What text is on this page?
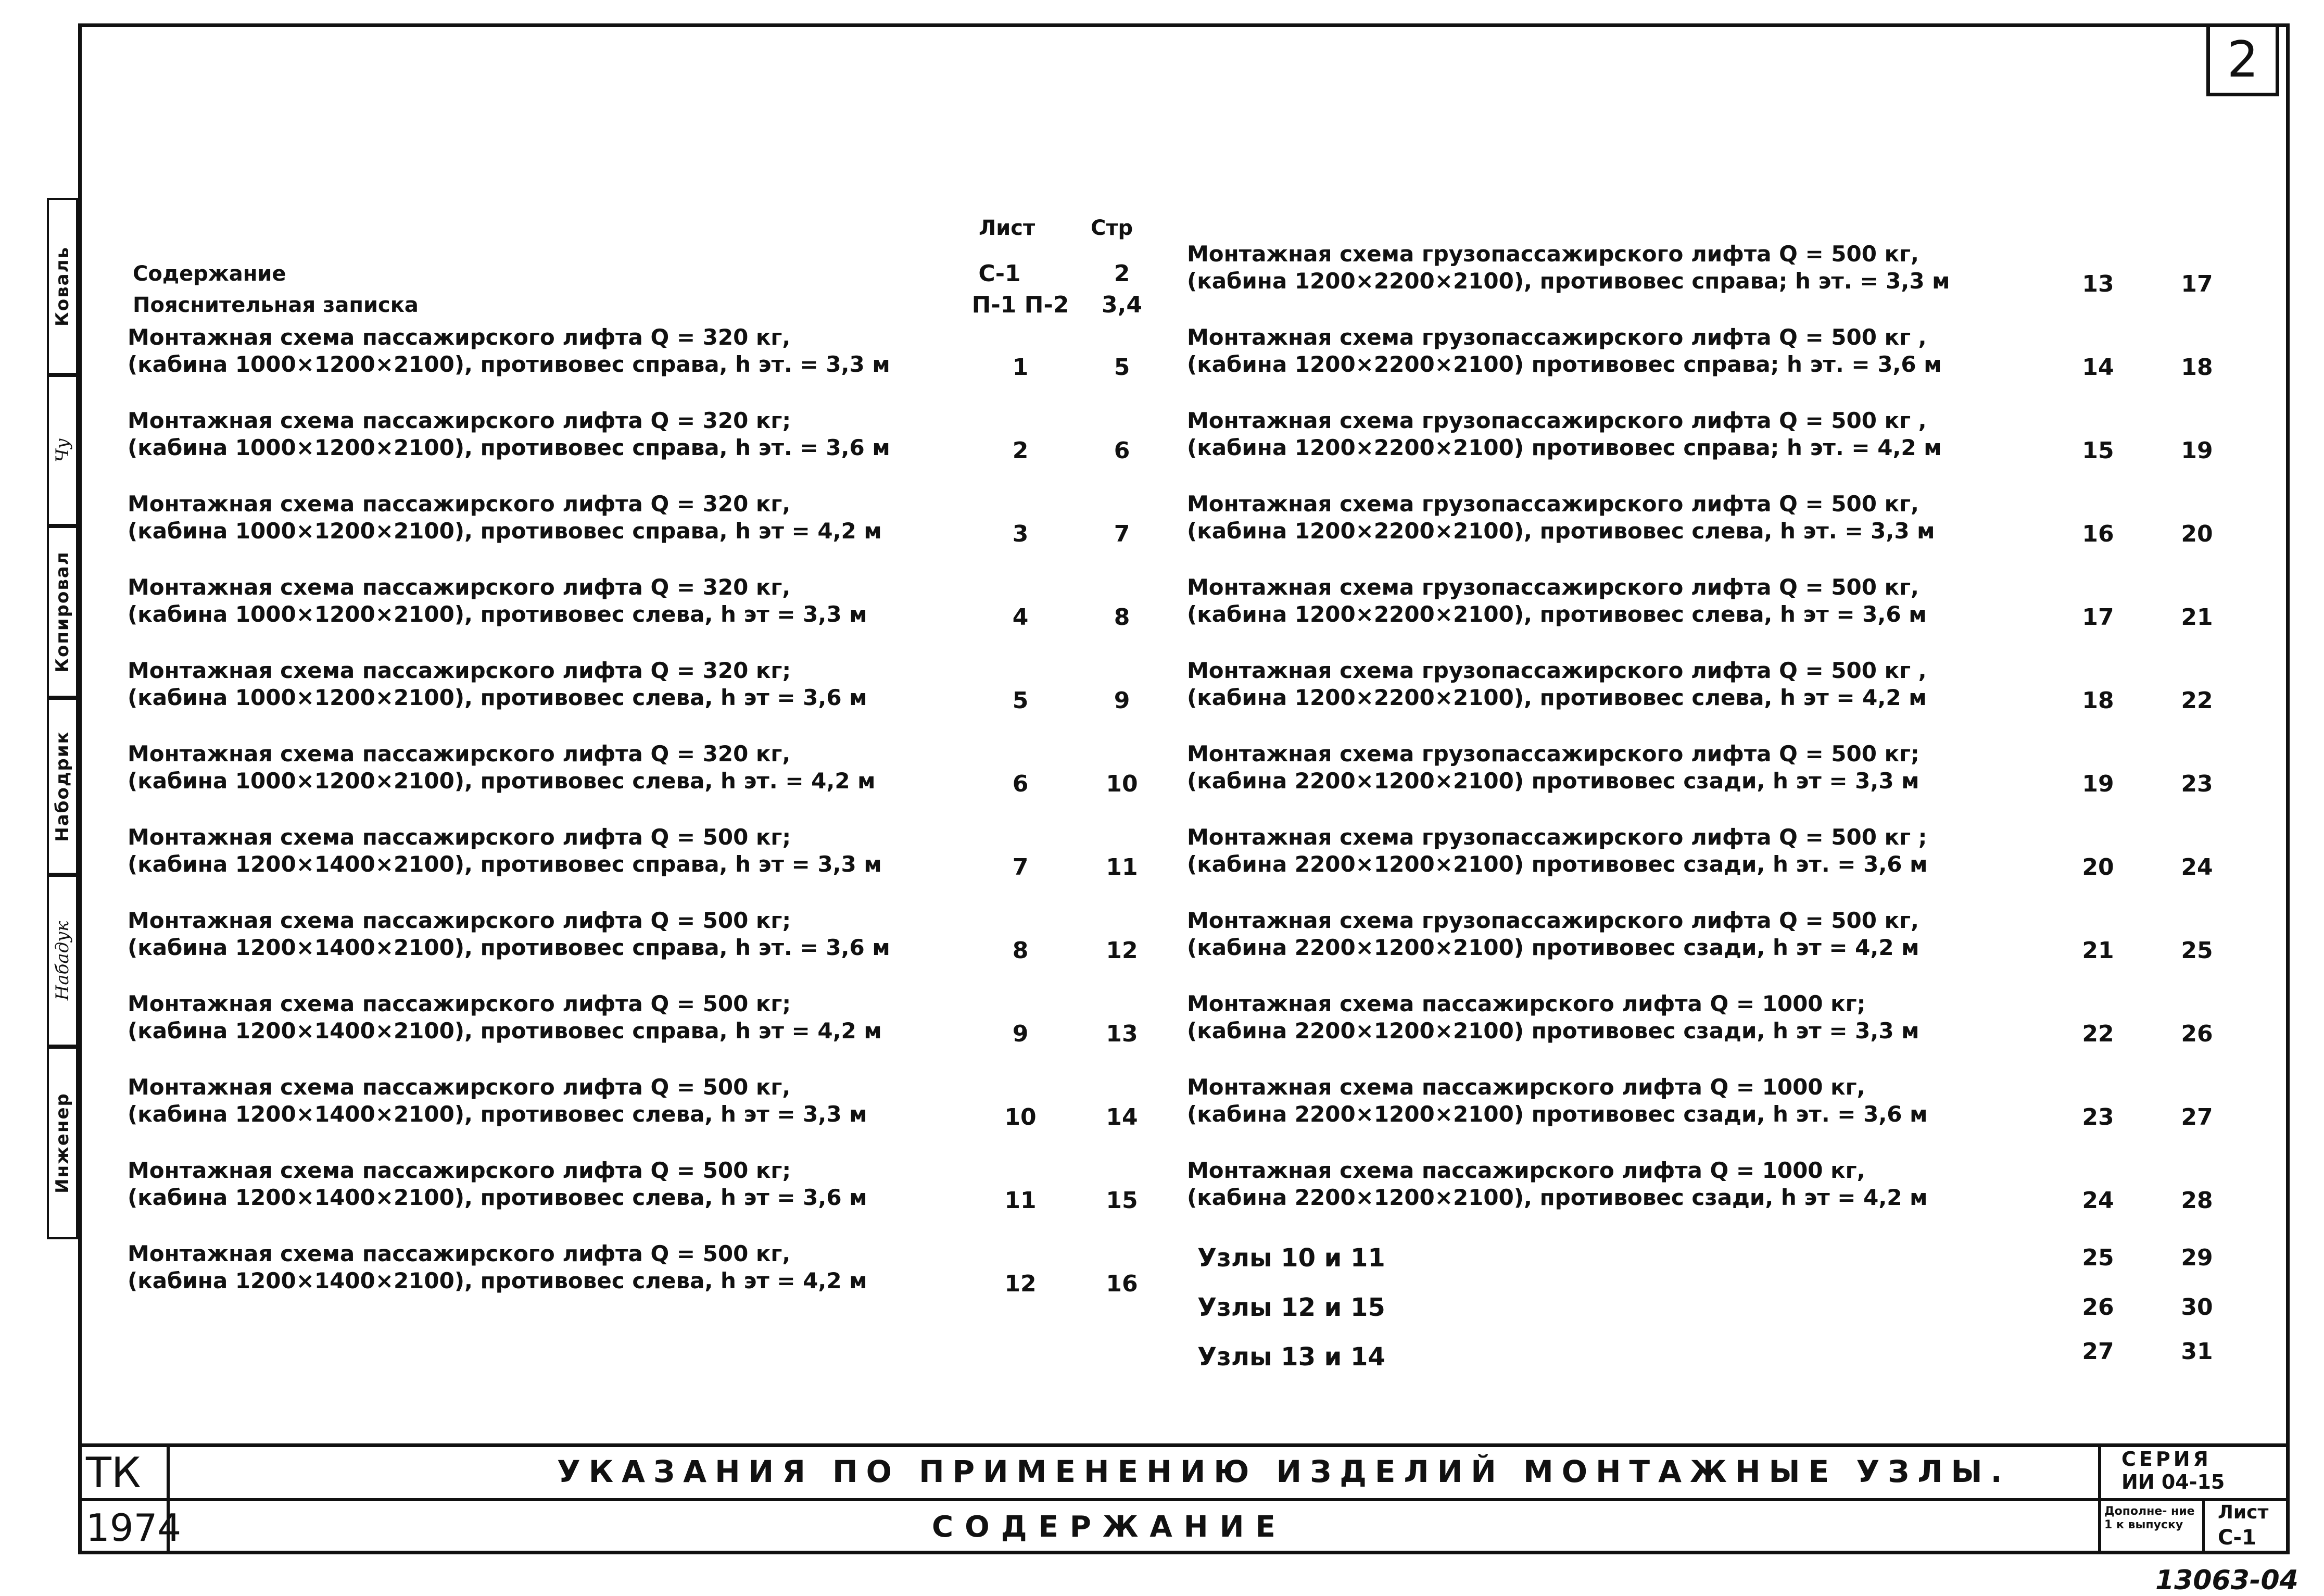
2
Коваль
Чу
Копировал
Набодрик
Набадук
Инженер
Лист	Стр
Содержание	С-1	2
Пояснительная записка	П-1 П-2	3,4
Монтажная схема пассажирского лифта Q = 320 кг,
(кабина 1000×1200×2100), противовес справа, h эт. = 3,3 м	1	5
Монтажная схема пассажирского лифта Q = 320 кг;
(кабина 1000×1200×2100), противовес справа, h эт. = 3,6 м	2	6
Монтажная схема пассажирского лифта Q = 320 кг,
(кабина 1000×1200×2100), противовес справа, h эт = 4,2 м	3	7
Монтажная схема пассажирского лифта Q = 320 кг,
(кабина 1000×1200×2100), противовес слева, h эт = 3,3 м	4	8
Монтажная схема пассажирского лифта Q = 320 кг;
(кабина 1000×1200×2100), противовес слева, h эт = 3,6 м	5	9
Монтажная схема пассажирского лифта Q = 320 кг,
(кабина 1000×1200×2100), противовес слева, h эт. = 4,2 м	6	10
Монтажная схема пассажирского лифта Q = 500 кг;
(кабина 1200×1400×2100), противовес справа, h эт = 3,3 м	7	11
Монтажная схема пассажирского лифта Q = 500 кг;
(кабина 1200×1400×2100), противовес справа, h эт. = 3,6 м	8	12
Монтажная схема пассажирского лифта Q = 500 кг;
(кабина 1200×1400×2100), противовес справа, h эт = 4,2 м	9	13
Монтажная схема пассажирского лифта Q = 500 кг,
(кабина 1200×1400×2100), противовес слева, h эт = 3,3 м	10	14
Монтажная схема пассажирского лифта Q = 500 кг;
(кабина 1200×1400×2100), противовес слева, h эт = 3,6 м	11	15
Монтажная схема пассажирского лифта Q = 500 кг,
(кабина 1200×1400×2100), противовес слева, h эт = 4,2 м	12	16
Монтажная схема грузопассажирского лифта Q = 500 кг,
(кабина 1200×2200×2100), противовес справа; h эт. = 3,3 м	13	17
Монтажная схема грузопассажирского лифта Q = 500 кг ,
(кабина 1200×2200×2100) противовес справа; h эт. = 3,6 м	14	18
Монтажная схема грузопассажирского лифта Q = 500 кг ,
(кабина 1200×2200×2100) противовес справа; h эт. = 4,2 м	15	19
Монтажная схема грузопассажирского лифта Q = 500 кг,
(кабина 1200×2200×2100), противовес слева, h эт. = 3,3 м	16	20
Монтажная схема грузопассажирского лифта Q = 500 кг,
(кабина 1200×2200×2100), противовес слева, h эт = 3,6 м	17	21
Монтажная схема грузопассажирского лифта Q = 500 кг ,
(кабина 1200×2200×2100), противовес слева, h эт = 4,2 м	18	22
Монтажная схема грузопассажирского лифта Q = 500 кг;
(кабина 2200×1200×2100) противовес сзади, h эт = 3,3 м	19	23
Монтажная схема грузопассажирского лифта Q = 500 кг ;
(кабина 2200×1200×2100) противовес сзади, h эт. = 3,6 м	20	24
Монтажная схема грузопассажирского лифта Q = 500 кг,
(кабина 2200×1200×2100) противовес сзади, h эт = 4,2 м	21	25
Монтажная схема пассажирского лифта Q = 1000 кг;
(кабина 2200×1200×2100) противовес сзади, h эт = 3,3 м	22	26
Монтажная схема пассажирского лифта Q = 1000 кг,
(кабина 2200×1200×2100) противовес сзади, h эт. = 3,6 м	23	27
Монтажная схема пассажирского лифта Q = 1000 кг,
(кабина 2200×1200×2100), противовес сзади, h эт = 4,2 м	24	28
Узлы 10 и 11	25	29
Узлы 12 и 15	26	30
Узлы 13 и 14	27	31
ТК
1974
УКАЗАНИЯ ПО ПРИМЕНЕНИЮ ИЗДЕЛИЙ МОНТАЖНЫЕ УЗЛЫ.
СОДЕРЖАНИЕ
СЕРИЯ
ИИ 04-15
Дополне- ние 1 к выпуску
Лист
С-1
13063-04
